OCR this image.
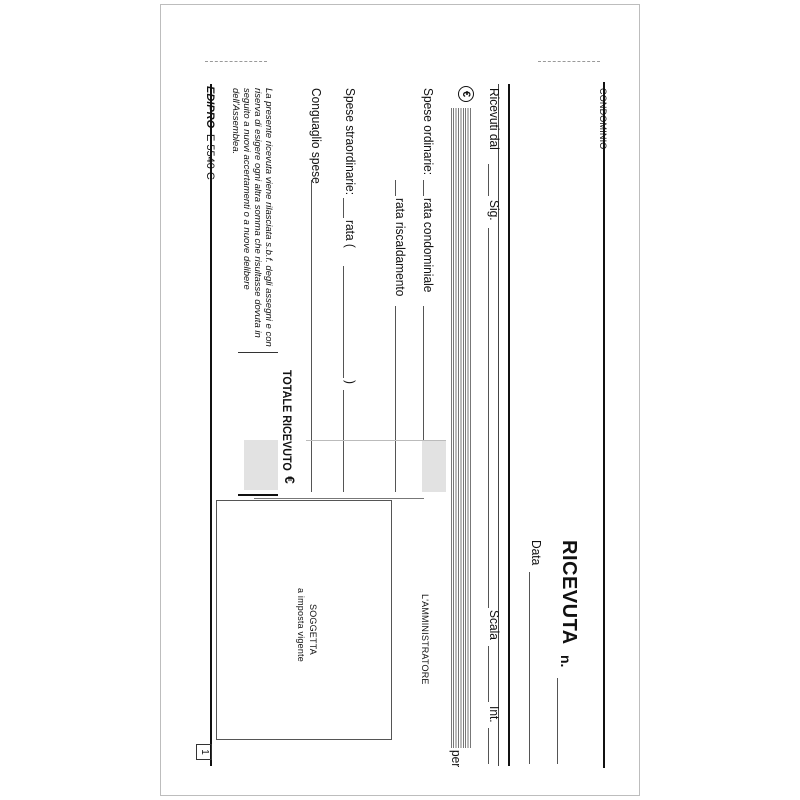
CONDOMINIO
RICEVUTA
n.
Data
Ricevuti dal
Sig.
Scala
Int.
€
per
Spese ordinarie:
rata condominiale
rata riscaldamento
Spese straordinarie:
rata (
)
Conguaglio spese
TOTALE RICEVUTO
€
La presente ricevuta viene rilasciata s.b.f. degli assegni e con riserva di esigere ogni altra somma che risultasse dovuta in seguito a nuovi accertamenti o a nuove delibere dell'Assemblea.
L'AMMINISTRATORE
SOGGETTA
a imposta vigente
EDIPRO
E 5540 C
1
